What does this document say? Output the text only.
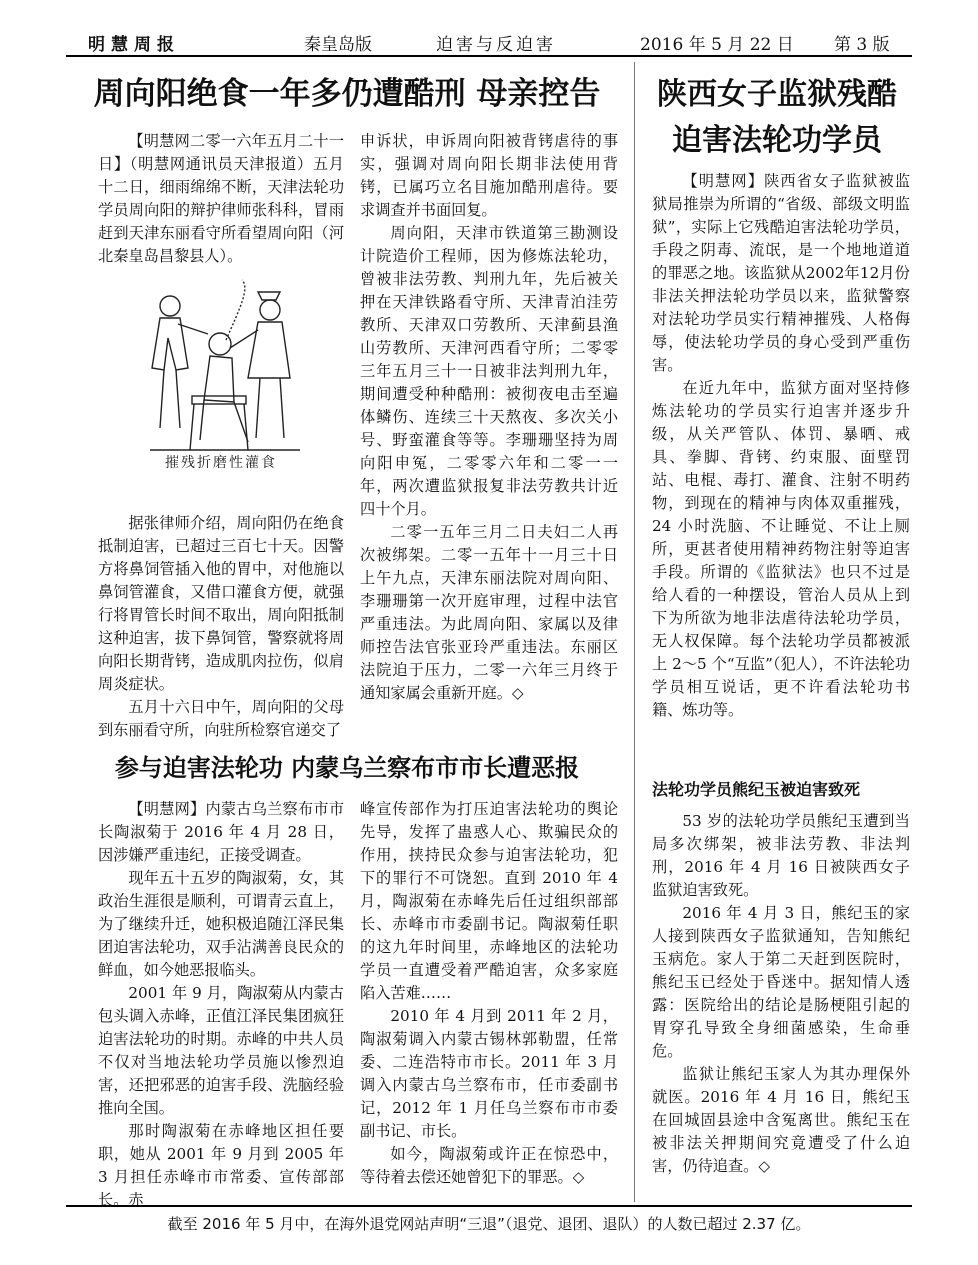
明慧周报	秦皇岛版	迫害与反迫害	2016 年 5 月 22 日 第 3 版
周向阳绝食一年多仍遭酷刑 母亲控告

【明慧网二零一六年五月二十一日】（明慧网通讯员天津报道）五月十二日，细雨绵绵不断，天津法轮功学员周向阳的辩护律师张科科，冒雨赶到天津东丽看守所看望周向阳（河北秦皇岛昌黎县人）。

摧残折磨性灌食

据张律师介绍，周向阳仍在绝食抵制迫害，已超过三百七十天。因警方将鼻饲管插入他的胃中，对他施以鼻饲管灌食，又借口灌食方便，就强行将胃管长时间不取出，周向阳抵制这种迫害，拔下鼻饲管，警察就将周向阳长期背铐，造成肌肉拉伤，似肩周炎症状。

五月十六日中午，周向阳的父母到东丽看守所，向驻所检察官递交了

申诉状，申诉周向阳被背铐虐待的事实，强调对周向阳长期非法使用背铐，已属巧立名目施加酷刑虐待。要求调查并书面回复。

周向阳，天津市铁道第三勘测设计院造价工程师，因为修炼法轮功，曾被非法劳教、判刑九年，先后被关押在天津铁路看守所、天津青泊洼劳教所、天津双口劳教所、天津蓟县渔山劳教所、天津河西看守所；二零零三年五月三十一日被非法判刑九年，期间遭受种种酷刑：被彻夜电击至遍体鳞伤、连续三十天熬夜、多次关小号、野蛮灌食等等。李珊珊坚持为周向阳申冤，二零零六年和二零一一年，两次遭监狱报复非法劳教共计近四十个月。

二零一五年三月二日夫妇二人再次被绑架。二零一五年十一月三十日上午九点，天津东丽法院对周向阳、李珊珊第一次开庭审理，过程中法官严重违法。为此周向阳、家属以及律师控告法官张亚玲严重违法。东丽区法院迫于压力，二零一六年三月终于通知家属会重新开庭。◇

陕西女子监狱残酷迫害法轮功学员

【明慧网】陕西省女子监狱被监狱局推崇为所谓的“省级、部级文明监狱”，实际上它残酷迫害法轮功学员，手段之阴毒、流氓，是一个地地道道的罪恶之地。该监狱从2002年12月份非法关押法轮功学员以来，监狱警察对法轮功学员实行精神摧残、人格侮辱，使法轮功学员的身心受到严重伤害。

在近九年中，监狱方面对坚持修炼法轮功的学员实行迫害并逐步升级，从关严管队、体罚、暴晒、戒具、拳脚、背铐、约束服、面壁罚站、电棍、毒打、灌食、注射不明药物，到现在的精神与肉体双重摧残，24 小时洗脑、不让睡觉、不让上厕所，更甚者使用精神药物注射等迫害手段。所谓的《监狱法》也只不过是给人看的一种摆设，管治人员从上到下为所欲为地非法虐待法轮功学员，无人权保障。每个法轮功学员都被派上 2～5 个“互监”（犯人），不许法轮功学员相互说话，更不许看法轮功书籍、炼功等。

法轮功学员熊纪玉被迫害致死

53 岁的法轮功学员熊纪玉遭到当局多次绑架，被非法劳教、非法判刑，2016 年 4 月 16 日被陕西女子监狱迫害致死。

2016 年 4 月 3 日，熊纪玉的家人接到陕西女子监狱通知，告知熊纪玉病危。家人于第二天赶到医院时，熊纪玉已经处于昏迷中。据知情人透露：医院给出的结论是肠梗阻引起的胃穿孔导致全身细菌感染，生命垂危。

监狱让熊纪玉家人为其办理保外就医。2016 年 4 月 16 日，熊纪玉在回城固县途中含冤离世。熊纪玉在被非法关押期间究竟遭受了什么迫害，仍待追查。◇

参与迫害法轮功 内蒙乌兰察布市市长遭恶报

【明慧网】内蒙古乌兰察布市市长陶淑菊于 2016 年 4 月 28 日，因涉嫌严重违纪，正接受调查。

现年五十五岁的陶淑菊，女，其政治生涯很是顺利，可谓青云直上，为了继续升迁，她积极追随江泽民集团迫害法轮功，双手沾满善良民众的鲜血，如今她恶报临头。

2001 年 9 月，陶淑菊从内蒙古包头调入赤峰，正值江泽民集团疯狂迫害法轮功的时期。赤峰的中共人员不仅对当地法轮功学员施以惨烈迫害，还把邪恶的迫害手段、洗脑经验推向全国。

那时陶淑菊在赤峰地区担任要职，她从 2001 年 9 月到 2005 年 3 月担任赤峰市市常委、宣传部部长。赤

峰宣传部作为打压迫害法轮功的舆论先导，发挥了蛊惑人心、欺骗民众的作用，挟持民众参与迫害法轮功，犯下的罪行不可饶恕。直到 2010 年 4 月，陶淑菊在赤峰先后任过组织部部长、赤峰市市委副书记。陶淑菊任职的这九年时间里，赤峰地区的法轮功学员一直遭受着严酷迫害，众多家庭陷入苦难……

2010 年 4 月到 2011 年 2 月，陶淑菊调入内蒙古锡林郭勒盟，任常委、二连浩特市市长。2011 年 3 月调入内蒙古乌兰察布市，任市委副书记，2012 年 1 月任乌兰察布市市委副书记、市长。

如今，陶淑菊或许正在惊恐中，等待着去偿还她曾犯下的罪恶。◇

截至 2016 年 5 月中，在海外退党网站声明“三退”（退党、退团、退队）的人数已超过 2.37 亿。
